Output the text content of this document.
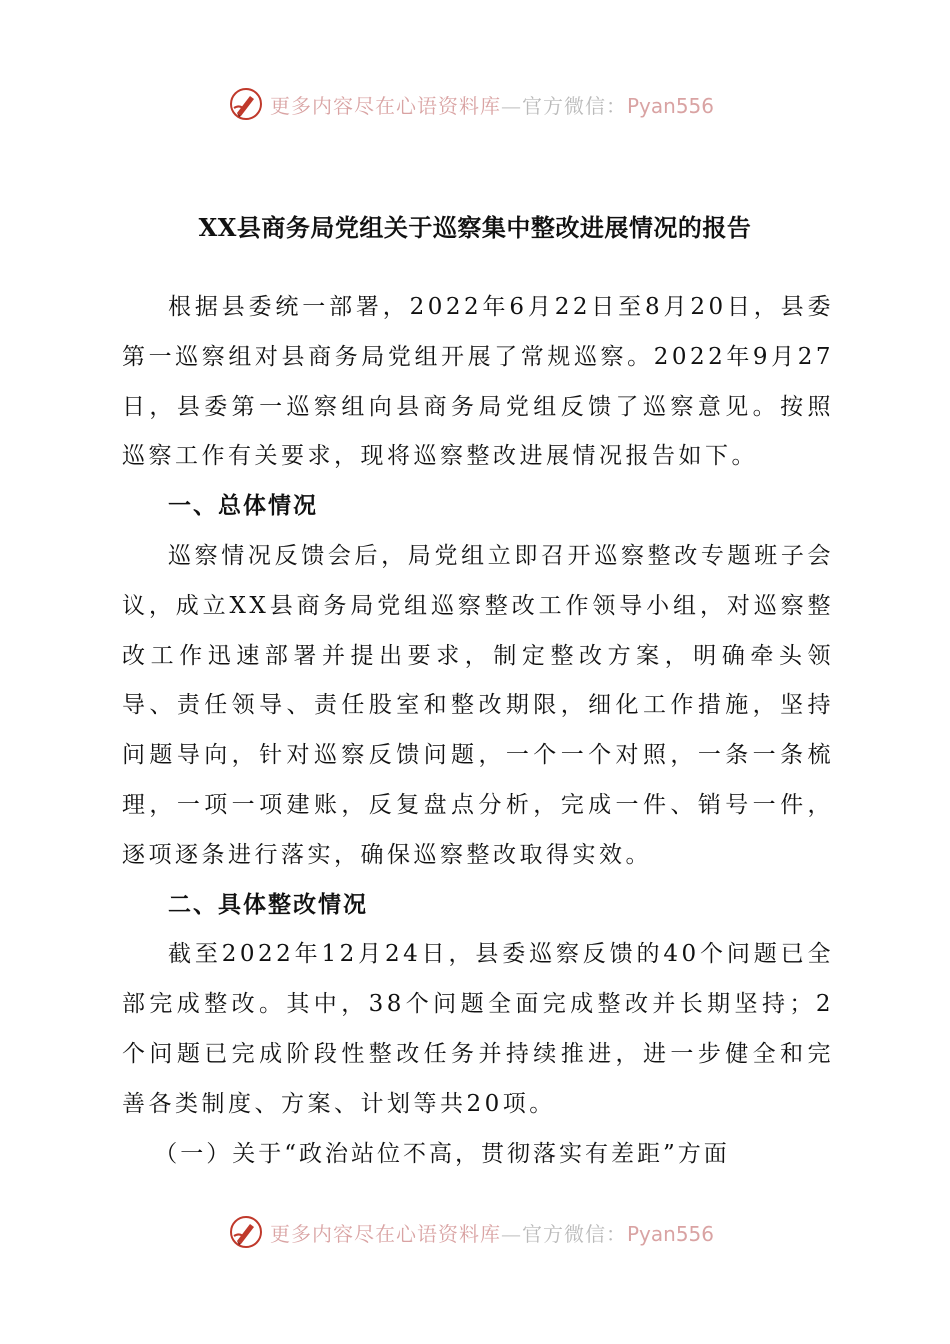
更多内容尽在心语资料库—官方微信：Pyan556
XX县商务局党组关于巡察集中整改进展情况的报告

根据县委统一部署，2022年6月22日至8月20日，县委第一巡察组对县商务局党组开展了常规巡察。2022年9月27日，县委第一巡察组向县商务局党组反馈了巡察意见。按照巡察工作有关要求，现将巡察整改进展情况报告如下。

一、总体情况

巡察情况反馈会后，局党组立即召开巡察整改专题班子会议，成立XX县商务局党组巡察整改工作领导小组，对巡察整改工作迅速部署并提出要求，制定整改方案，明确牵头领导、责任领导、责任股室和整改期限，细化工作措施，坚持问题导向，针对巡察反馈问题，一个一个对照，一条一条梳理，一项一项建账，反复盘点分析，完成一件、销号一件，逐项逐条进行落实，确保巡察整改取得实效。

二、具体整改情况

截至2022年12月24日，县委巡察反馈的40个问题已全部完成整改。其中，38个问题全面完成整改并长期坚持；2个问题已完成阶段性整改任务并持续推进，进一步健全和完善各类制度、方案、计划等共20项。

（一）关于“政治站位不高，贯彻落实有差距”方面

更多内容尽在心语资料库—官方微信：Pyan556
